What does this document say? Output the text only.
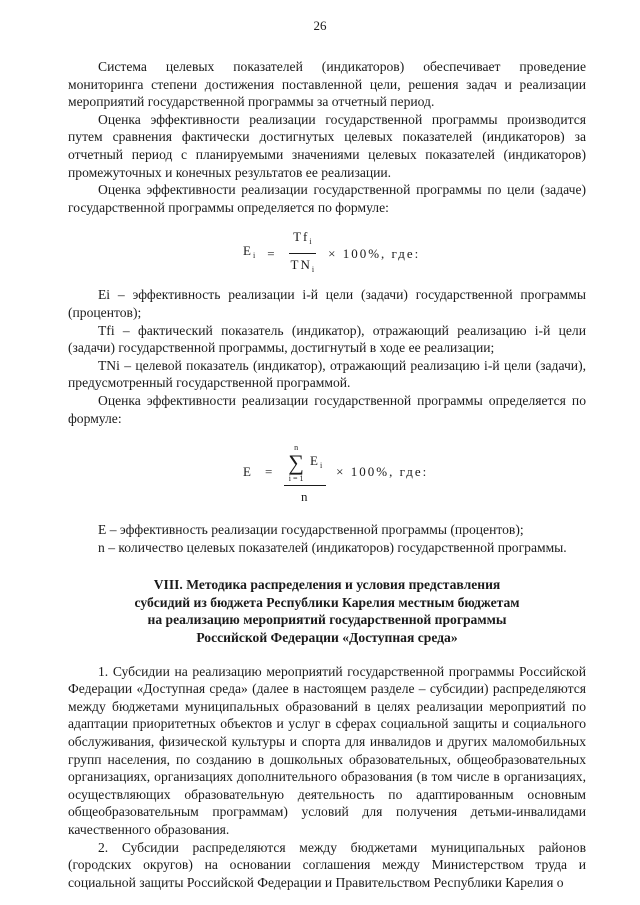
26

Система целевых показателей (индикаторов) обеспечивает проведение мониторинга степени достижения поставленной цели, решения задач и реализации мероприятий государственной программы за отчетный период.

Оценка эффективности реализации государственной программы производится путем сравнения фактически достигнутых целевых показателей (индикаторов) за отчетный период с планируемыми значениями целевых показателей (индикаторов) промежуточных и конечных результатов ее реализации.

Оценка эффективности реализации государственной программы по цели (задаче) государственной программы определяется по формуле:

$E_i = \frac{Tf_i}{TN_i} \times 100\%$, где:

Ei – эффективность реализации i-й цели (задачи) государственной программы (процентов);

Tfi – фактический показатель (индикатор), отражающий реализацию i-й цели (задачи) государственной программы, достигнутый в ходе ее реализации;

TNi – целевой показатель (индикатор), отражающий реализацию i-й цели (задачи), предусмотренный государственной программой.

Оценка эффективности реализации государственной программы определяется по формуле:

E =
n
∑
i=1
$E_i$
n
× 100%, где:

E – эффективность реализации государственной программы (процентов);

n – количество целевых показателей (индикаторов) государственной программы.

VIII. Методика распределения и условия представления
субсидий из бюджета Республики Карелия местным бюджетам
на реализацию мероприятий государственной программы
Российской Федерации «Доступная среда»

1. Субсидии на реализацию мероприятий государственной программы Российской Федерации «Доступная среда» (далее в настоящем разделе – субсидии) распределяются между бюджетами муниципальных образований в целях реализации мероприятий по адаптации приоритетных объектов и услуг в сферах социальной защиты и социального обслуживания, физической культуры и спорта для инвалидов и других маломобильных групп населения, по созданию в дошкольных образовательных, общеобразовательных организациях, организациях дополнительного образования (в том числе в организациях, осуществляющих образовательную деятельность по адаптированным основным общеобразовательным программам) условий для получения детьми-инвалидами качественного образования.

2. Субсидии распределяются между бюджетами муниципальных районов (городских округов) на основании соглашения между Министерством труда и социальной защиты Российской Федерации и Правительством Республики Карелия о
